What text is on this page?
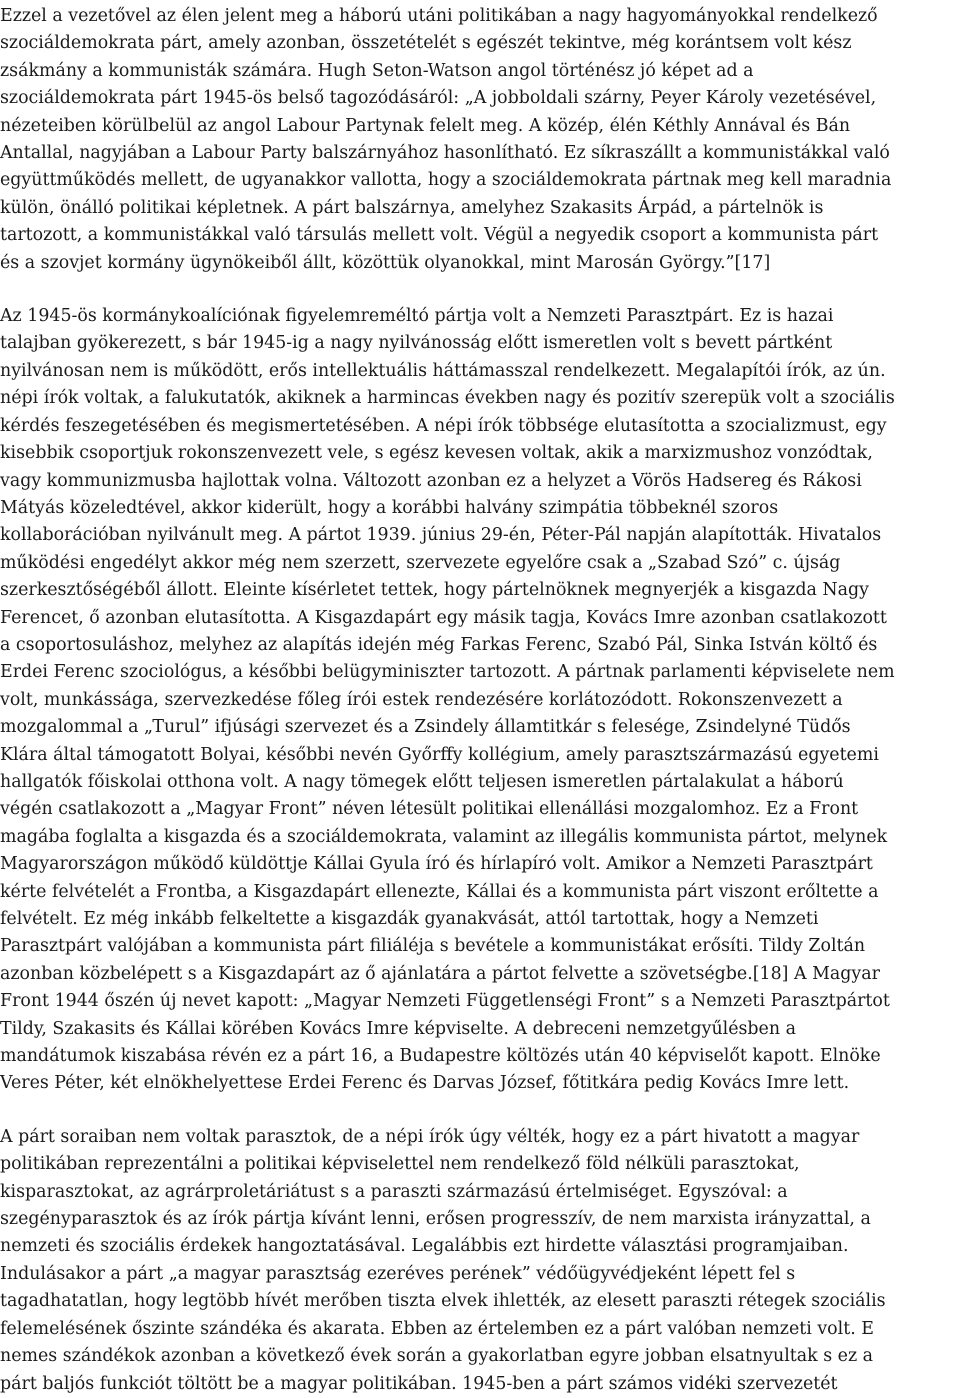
Ezzel a vezetővel az élen jelent meg a háború utáni politikában a nagy hagyományokkal rendelkező
szociáldemokrata párt, amely azonban, összetételét s egészét tekintve, még korántsem volt kész
zsákmány a kommunisták számára. Hugh Seton-Watson angol történész jó képet ad a
szociáldemokrata párt 1945-ös belső tagozódásáról: „A jobboldali szárny, Peyer Károly vezetésével,
nézeteiben körülbelül az angol Labour Partynak felelt meg. A közép, élén Kéthly Annával és Bán
Antallal, nagyjában a Labour Party balszárnyához hasonlítható. Ez síkraszállt a kommunistákkal való
együttműködés mellett, de ugyanakkor vallotta, hogy a szociáldemokrata pártnak meg kell maradnia
külön, önálló politikai képletnek. A párt balszárnya, amelyhez Szakasits Árpád, a pártelnök is
tartozott, a kommunistákkal való társulás mellett volt. Végül a negyedik csoport a kommunista párt
és a szovjet kormány ügynökeiből állt, közöttük olyanokkal, mint Marosán György.”[17]
Az 1945-ös kormánykoalíciónak figyelemreméltó pártja volt a Nemzeti Parasztpárt. Ez is hazai
talajban gyökerezett, s bár 1945-ig a nagy nyilvánosság előtt ismeretlen volt s bevett pártként
nyilvánosan nem is működött, erős intellektuális háttámasszal rendelkezett. Megalapítói írók, az ún.
népi írók voltak, a falukutatók, akiknek a harmincas években nagy és pozitív szerepük volt a szociális
kérdés feszegetésében és megismertetésében. A népi írók többsége elutasította a szocializmust, egy
kisebbik csoportjuk rokonszenvezett vele, s egész kevesen voltak, akik a marxizmushoz vonzódtak,
vagy kommunizmusba hajlottak volna. Változott azonban ez a helyzet a Vörös Hadsereg és Rákosi
Mátyás közeledtével, akkor kiderült, hogy a korábbi halvány szimpátia többeknél szoros
kollaborációban nyilvánult meg. A pártot 1939. június 29-én, Péter-Pál napján alapították. Hivatalos
működési engedélyt akkor még nem szerzett, szervezete egyelőre csak a „Szabad Szó” c. újság
szerkesztőségéből állott. Eleinte kísérletet tettek, hogy pártelnöknek megnyerjék a kisgazda Nagy
Ferencet, ő azonban elutasította. A Kisgazdapárt egy másik tagja, Kovács Imre azonban csatlakozott
a csoportosuláshoz, melyhez az alapítás idején még Farkas Ferenc, Szabó Pál, Sinka István költő és
Erdei Ferenc szociológus, a későbbi belügyminiszter tartozott. A pártnak parlamenti képviselete nem
volt, munkássága, szervezkedése főleg írói estek rendezésére korlátozódott. Rokonszenvezett a
mozgalommal a „Turul” ifjúsági szervezet és a Zsindely államtitkár s felesége, Zsindelyné Tüdős
Klára által támogatott Bolyai, későbbi nevén Győrffy kollégium, amely parasztszármazású egyetemi
hallgatók főiskolai otthona volt. A nagy tömegek előtt teljesen ismeretlen pártalakulat a háború
végén csatlakozott a „Magyar Front” néven létesült politikai ellenállási mozgalomhoz. Ez a Front
magába foglalta a kisgazda és a szociáldemokrata, valamint az illegális kommunista pártot, melynek
Magyarországon működő küldöttje Kállai Gyula író és hírlapíró volt. Amikor a Nemzeti Parasztpárt
kérte felvételét a Frontba, a Kisgazdapárt ellenezte, Kállai és a kommunista párt viszont erőltette a
felvételt. Ez még inkább felkeltette a kisgazdák gyanakvását, attól tartottak, hogy a Nemzeti
Parasztpárt valójában a kommunista párt filiáléja s bevétele a kommunistákat erősíti. Tildy Zoltán
azonban közbelépett s a Kisgazdapárt az ő ajánlatára a pártot felvette a szövetségbe.[18] A Magyar
Front 1944 őszén új nevet kapott: „Magyar Nemzeti Függetlenségi Front” s a Nemzeti Parasztpártot
Tildy, Szakasits és Kállai körében Kovács Imre képviselte. A debreceni nemzetgyűlésben a
mandátumok kiszabása révén ez a párt 16, a Budapestre költözés után 40 képviselőt kapott. Elnöke
Veres Péter, két elnökhelyettese Erdei Ferenc és Darvas József, főtitkára pedig Kovács Imre lett.
A párt soraiban nem voltak parasztok, de a népi írók úgy vélték, hogy ez a párt hivatott a magyar
politikában reprezentálni a politikai képviselettel nem rendelkező föld nélküli parasztokat,
kisparasztokat, az agrárproletáriátust s a paraszti származású értelmiséget. Egyszóval: a
szegényparasztok és az írók pártja kívánt lenni, erősen progresszív, de nem marxista irányzattal, a
nemzeti és szociális érdekek hangoztatásával. Legalábbis ezt hirdette választási programjaiban.
Indulásakor a párt „a magyar parasztság ezeréves perének” védőügyvédjeként lépett fel s
tagadhatatlan, hogy legtöbb hívét merőben tiszta elvek ihlették, az elesett paraszti rétegek szociális
felemelésének őszinte szándéka és akarata. Ebben az értelemben ez a párt valóban nemzeti volt. E
nemes szándékok azonban a következő évek során a gyakorlatban egyre jobban elsatnyultak s ez a
párt baljós funkciót töltött be a magyar politikában. 1945-ben a párt számos vidéki szervezetét
